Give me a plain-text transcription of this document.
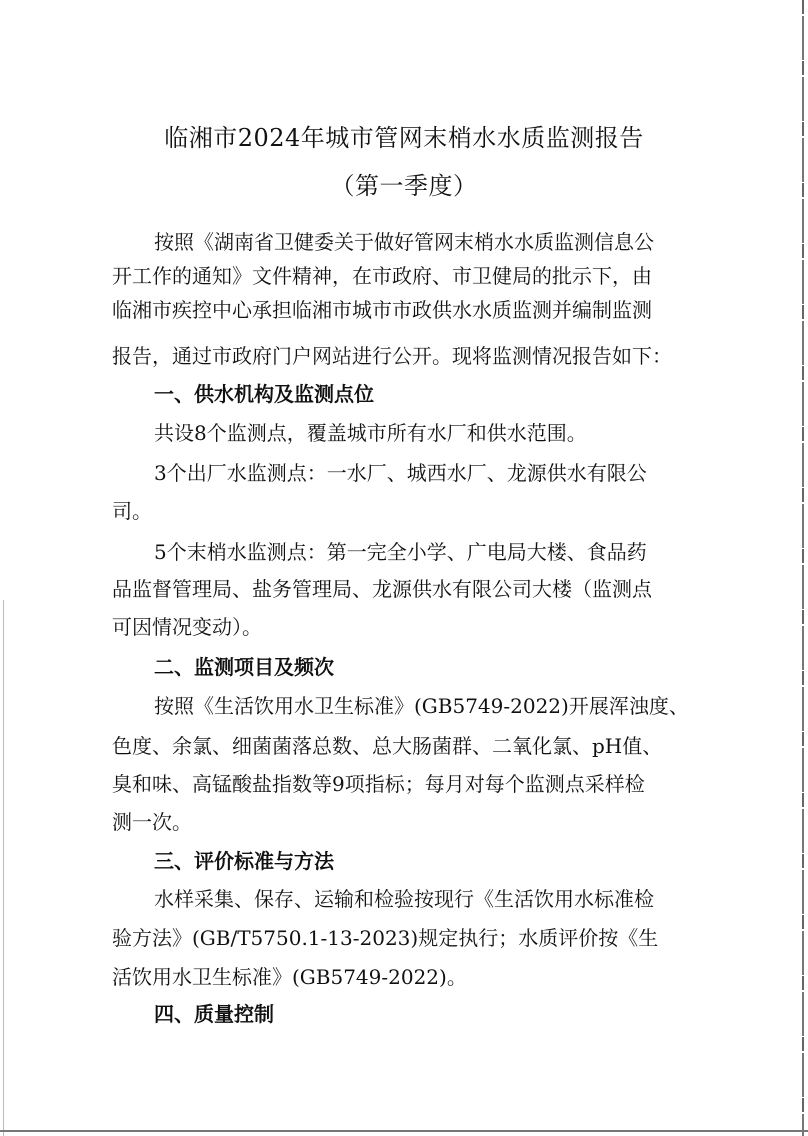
临湘市2024年城市管网末梢水水质监测报告
（第一季度）
按照《湖南省卫健委关于做好管网末梢水水质监测信息公
开工作的通知》文件精神，在市政府、市卫健局的批示下，由
临湘市疾控中心承担临湘市城市市政供水水质监测并编制监测
报告，通过市政府门户网站进行公开。现将监测情况报告如下：
一、供水机构及监测点位
共设8个监测点，覆盖城市所有水厂和供水范围。
3个出厂水监测点：一水厂、城西水厂、龙源供水有限公
司。
5个末梢水监测点：第一完全小学、广电局大楼、食品药
品监督管理局、盐务管理局、龙源供水有限公司大楼（监测点
可因情况变动）。
二、监测项目及频次
按照《生活饮用水卫生标准》(GB5749-2022)开展浑浊度、
色度、余氯、细菌菌落总数、总大肠菌群、二氧化氯、pH值、
臭和味、高锰酸盐指数等9项指标；每月对每个监测点采样检
测一次。
三、评价标准与方法
水样采集、保存、运输和检验按现行《生活饮用水标准检
验方法》(GB/T5750.1-13-2023)规定执行；水质评价按《生
活饮用水卫生标准》(GB5749-2022)。
四、质量控制
